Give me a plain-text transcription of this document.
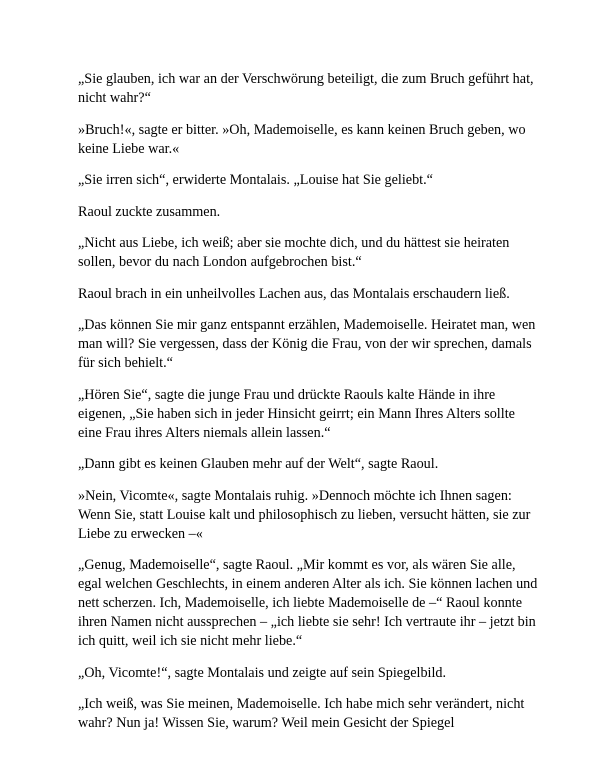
„Sie glauben, ich war an der Verschwörung beteiligt, die zum Bruch geführt hat, nicht wahr?“

»Bruch!«, sagte er bitter. »Oh, Mademoiselle, es kann keinen Bruch geben, wo keine Liebe war.«

„Sie irren sich“, erwiderte Montalais. „Louise hat Sie geliebt.“

Raoul zuckte zusammen.

„Nicht aus Liebe, ich weiß; aber sie mochte dich, und du hättest sie heiraten sollen, bevor du nach London aufgebrochen bist.“

Raoul brach in ein unheilvolles Lachen aus, das Montalais erschaudern ließ.

„Das können Sie mir ganz entspannt erzählen, Mademoiselle. Heiratet man, wen man will? Sie vergessen, dass der König die Frau, von der wir sprechen, damals für sich behielt.“

„Hören Sie“, sagte die junge Frau und drückte Raouls kalte Hände in ihre eigenen, „Sie haben sich in jeder Hinsicht geirrt; ein Mann Ihres Alters sollte eine Frau ihres Alters niemals allein lassen.“

„Dann gibt es keinen Glauben mehr auf der Welt“, sagte Raoul.

»Nein, Vicomte«, sagte Montalais ruhig. »Dennoch möchte ich Ihnen sagen: Wenn Sie, statt Louise kalt und philosophisch zu lieben, versucht hätten, sie zur Liebe zu erwecken –«

„Genug, Mademoiselle“, sagte Raoul. „Mir kommt es vor, als wären Sie alle, egal welchen Geschlechts, in einem anderen Alter als ich. Sie können lachen und nett scherzen. Ich, Mademoiselle, ich liebte Mademoiselle de –“ Raoul konnte ihren Namen nicht aussprechen – „ich liebte sie sehr! Ich vertraute ihr – jetzt bin ich quitt, weil ich sie nicht mehr liebe.“

„Oh, Vicomte!“, sagte Montalais und zeigte auf sein Spiegelbild.

„Ich weiß, was Sie meinen, Mademoiselle. Ich habe mich sehr verändert, nicht wahr? Nun ja! Wissen Sie, warum? Weil mein Gesicht der Spiegel
